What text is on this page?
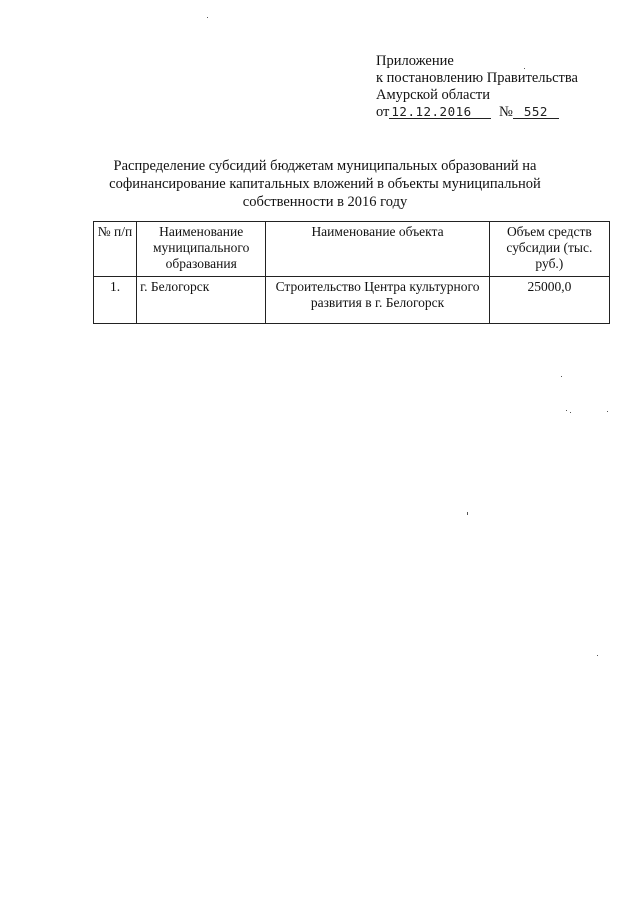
Приложение
к постановлению Правительства
Амурской области
от 12.12.2016 № 552
Распределение субсидий бюджетам муниципальных образований на
софинансирование капитальных вложений в объекты муниципальной
собственности в 2016 году
№ п/п	Наименование муниципального образования	Наименование объекта	Объем средств субсидии (тыс. руб.)
1.	г. Белогорск	Строительство Центра культурного развития в г. Белогорск	25000,0
